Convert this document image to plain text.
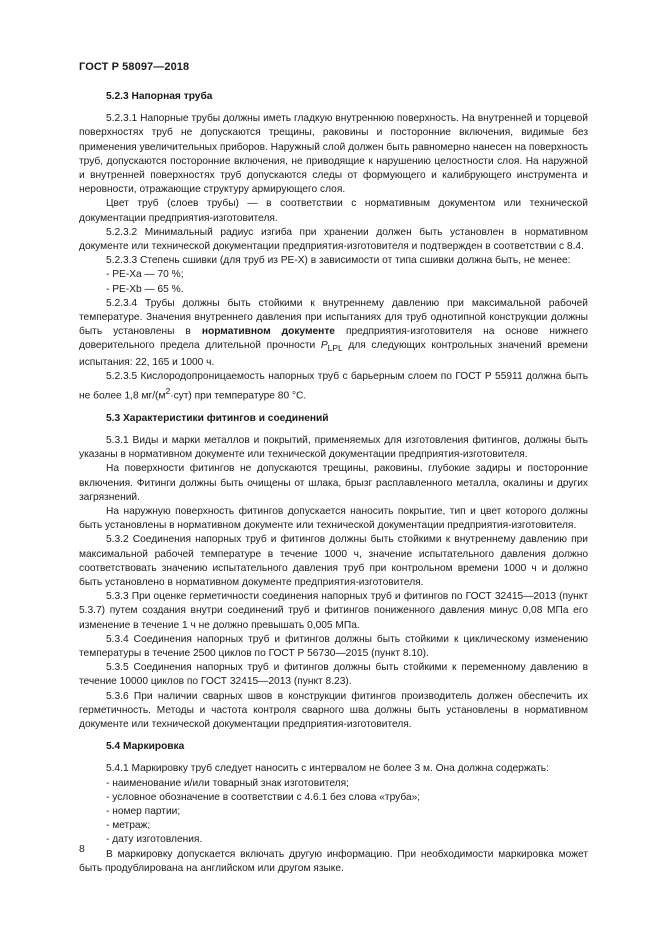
ГОСТ Р 58097—2018

5.2.3 Напорная труба

5.2.3.1 Напорные трубы должны иметь гладкую внутреннюю поверхность. На внутренней и торцевой поверхностях труб не допускаются трещины, раковины и посторонние включения, видимые без применения увеличительных приборов. Наружный слой должен быть равномерно нанесен на поверхность труб, допускаются посторонние включения, не приводящие к нарушению целостности слоя. На наружной и внутренней поверхностях труб допускаются следы от формующего и калибрующего инструмента и неровности, отражающие структуру армирующего слоя.

Цвет труб (слоев трубы) — в соответствии с нормативным документом или технической документации предприятия-изготовителя.

5.2.3.2 Минимальный радиус изгиба при хранении должен быть установлен в нормативном документе или технической документации предприятия-изготовителя и подтвержден в соответствии с 8.4.

5.2.3.3 Степень сшивки (для труб из PE-X) в зависимости от типа сшивки должна быть, не менее:

- PE-Xa — 70 %;

- PE-Xb — 65 %.

5.2.3.4 Трубы должны быть стойкими к внутреннему давлению при максимальной рабочей температуре. Значения внутреннего давления при испытаниях для труб однотипной конструкции должны быть установлены в нормативном документе предприятия-изготовителя на основе нижнего доверительного предела длительной прочности $P_{LPL}$ для следующих контрольных значений времени испытания: 22, 165 и 1000 ч.

5.2.3.5 Кислородопроницаемость напорных труб с барьерным слоем по ГОСТ Р 55911 должна быть не более 1,8 $мг/(м^2\cdot сут)$ при температуре 80 °С.

5.3 Характеристики фитингов и соединений

5.3.1 Виды и марки металлов и покрытий, применяемых для изготовления фитингов, должны быть указаны в нормативном документе или технической документации предприятия-изготовителя.

На поверхности фитингов не допускаются трещины, раковины, глубокие задиры и посторонние включения. Фитинги должны быть очищены от шлака, брызг расплавленного металла, окалины и других загрязнений.

На наружную поверхность фитингов допускается наносить покрытие, тип и цвет которого должны быть установлены в нормативном документе или технической документации предприятия-изготовителя.

5.3.2 Соединения напорных труб и фитингов должны быть стойкими к внутреннему давлению при максимальной рабочей температуре в течение 1000 ч, значение испытательного давления должно соответствовать значению испытательного давления труб при контрольном времени 1000 ч и должно быть установлено в нормативном документе предприятия-изготовителя.

5.3.3 При оценке герметичности соединения напорных труб и фитингов по ГОСТ 32415—2013 (пункт 5.3.7) путем создания внутри соединений труб и фитингов пониженного давления минус 0,08 МПа его изменение в течение 1 ч не должно превышать 0,005 МПа.

5.3.4 Соединения напорных труб и фитингов должны быть стойкими к циклическому изменению температуры в течение 2500 циклов по ГОСТ Р 56730—2015 (пункт 8.10).

5.3.5 Соединения напорных труб и фитингов должны быть стойкими к переменному давлению в течение 10000 циклов по ГОСТ 32415—2013 (пункт 8.23).

5.3.6 При наличии сварных швов в конструкции фитингов производитель должен обеспечить их герметичность. Методы и частота контроля сварного шва должны быть установлены в нормативном документе или технической документации предприятия-изготовителя.

5.4 Маркировка

5.4.1 Маркировку труб следует наносить с интервалом не более 3 м. Она должна содержать:

- наименование и/или товарный знак изготовителя;

- условное обозначение в соответствии с 4.6.1 без слова «труба»;

- номер партии;

- метраж;

- дату изготовления.

В маркировку допускается включать другую информацию. При необходимости маркировка может быть продублирована на английском или другом языке.

8
